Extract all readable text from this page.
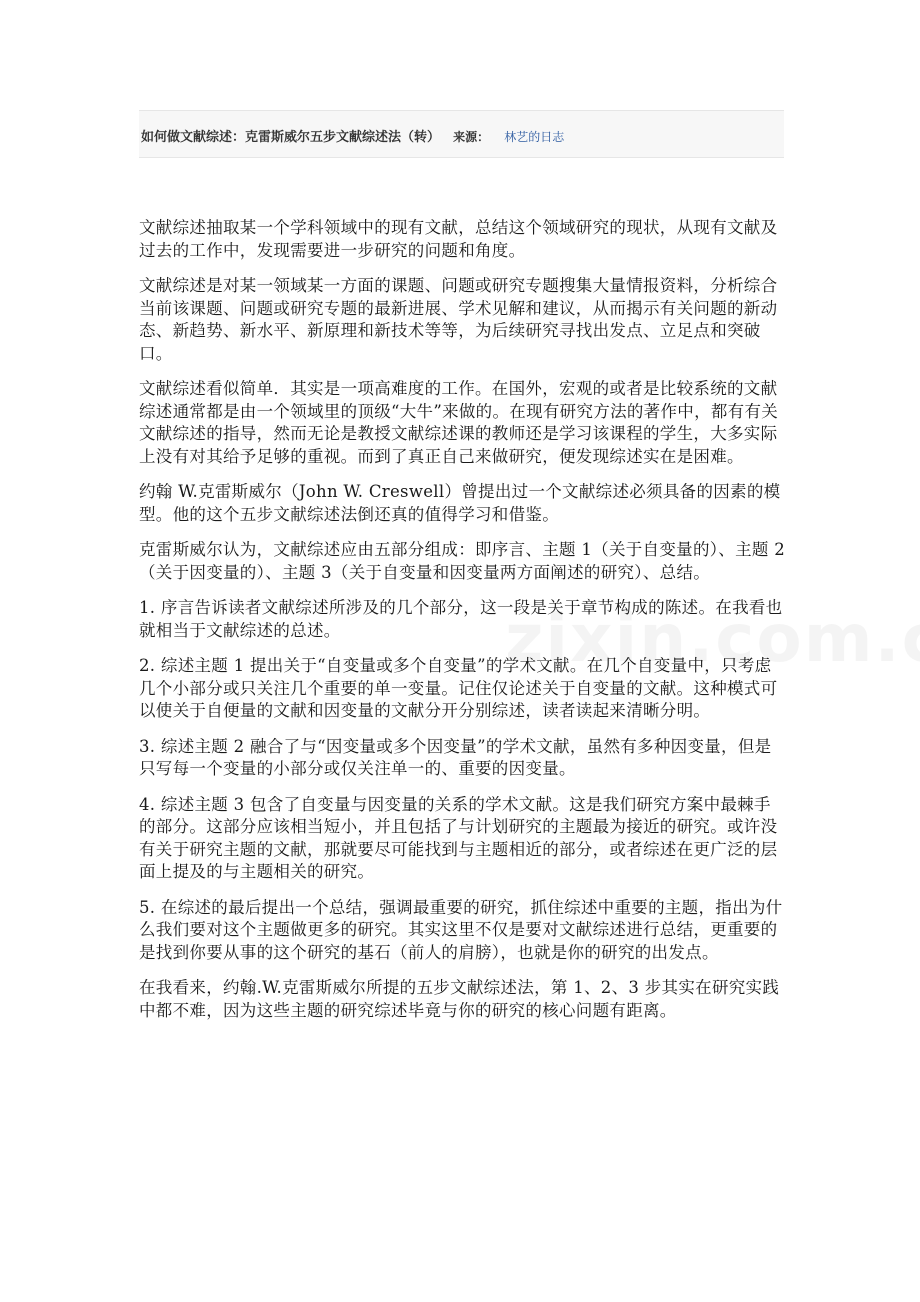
如何做文献综述：克雷斯威尔五步文献综述法（转） 来源： 林艺的日志

文献综述抽取某一个学科领域中的现有文献，总结这个领域研究的现状，从现有文献及过去的工作中，发现需要进一步研究的问题和角度。

文献综述是对某一领域某一方面的课题、问题或研究专题搜集大量情报资料，分析综合当前该课题、问题或研究专题的最新进展、学术见解和建议，从而揭示有关问题的新动态、新趋势、新水平、新原理和新技术等等，为后续研究寻找出发点、立足点和突破口。

文献综述看似简单．其实是一项高难度的工作。在国外，宏观的或者是比较系统的文献综述通常都是由一个领域里的顶级“大牛”来做的。在现有研究方法的著作中，都有有关文献综述的指导，然而无论是教授文献综述课的教师还是学习该课程的学生，大多实际上没有对其给予足够的重视。而到了真正自己来做研究，便发现综述实在是困难。

约翰 W.克雷斯威尔（John W. Creswell）曾提出过一个文献综述必须具备的因素的模型。他的这个五步文献综述法倒还真的值得学习和借鉴。

克雷斯威尔认为，文献综述应由五部分组成：即序言、主题 1（关于自变量的）、主题 2（关于因变量的）、主题 3（关于自变量和因变量两方面阐述的研究）、总结。

1. 序言告诉读者文献综述所涉及的几个部分，这一段是关于章节构成的陈述。在我看也就相当于文献综述的总述。

2. 综述主题 1 提出关于“自变量或多个自变量”的学术文献。在几个自变量中，只考虑几个小部分或只关注几个重要的单一变量。记住仅论述关于自变量的文献。这种模式可以使关于自便量的文献和因变量的文献分开分别综述，读者读起来清晰分明。

3. 综述主题 2 融合了与“因变量或多个因变量”的学术文献，虽然有多种因变量，但是只写每一个变量的小部分或仅关注单一的、重要的因变量。

4. 综述主题 3 包含了自变量与因变量的关系的学术文献。这是我们研究方案中最棘手的部分。这部分应该相当短小，并且包括了与计划研究的主题最为接近的研究。或许没有关于研究主题的文献，那就要尽可能找到与主题相近的部分，或者综述在更广泛的层面上提及的与主题相关的研究。

5. 在综述的最后提出一个总结，强调最重要的研究，抓住综述中重要的主题，指出为什么我们要对这个主题做更多的研究。其实这里不仅是要对文献综述进行总结，更重要的是找到你要从事的这个研究的基石（前人的肩膀），也就是你的研究的出发点。

在我看来，约翰.W.克雷斯威尔所提的五步文献综述法，第 1、2、3 步其实在研究实践中都不难，因为这些主题的研究综述毕竟与你的研究的核心问题有距离。
